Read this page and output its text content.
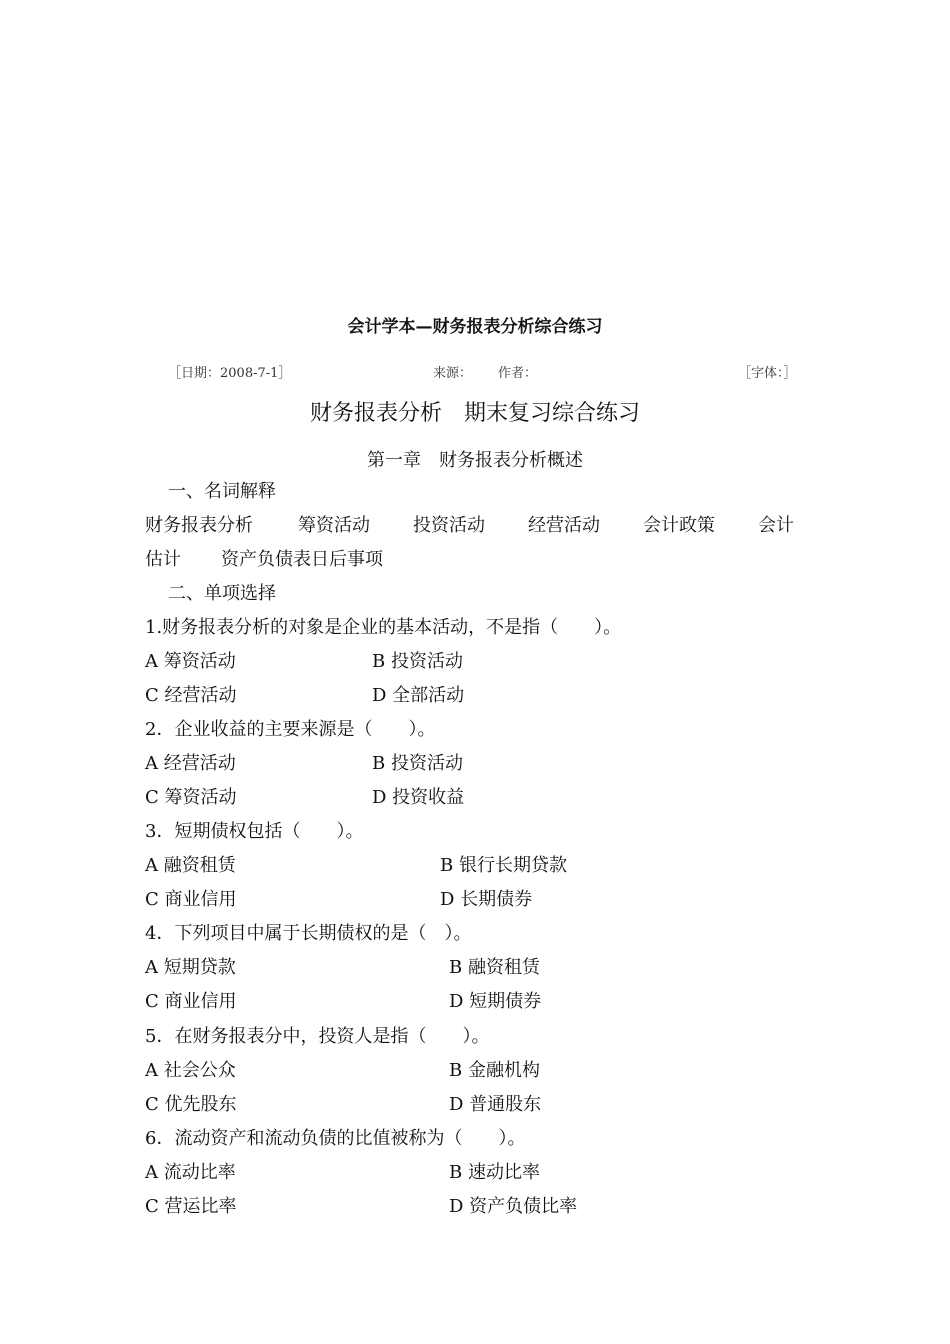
会计学本—财务报表分析综合练习
［日期：2008-7-1］	来源： 作者：	［字体：］
财务报表分析　期末复习综合练习
第一章　财务报表分析概述
一、名词解释
财务报表分析	筹资活动 投资活动 经营活动 会计政策 会计
估计 资产负债表日后事项
二、单项选择
1.财务报表分析的对象是企业的基本活动，不是指（　　）。
A 筹资活动	B 投资活动
C 经营活动	D 全部活动
2．企业收益的主要来源是（　　）。
A 经营活动	B 投资活动
C 筹资活动	D 投资收益
3．短期债权包括（　　）。
A 融资租赁	B 银行长期贷款
C 商业信用	D 长期债券
4．下列项目中属于长期债权的是（　）。
A 短期贷款	B 融资租赁
C 商业信用	D 短期债券
5．在财务报表分中，投资人是指（　　）。
A 社会公众	B 金融机构
C 优先股东	D 普通股东
6．流动资产和流动负债的比值被称为（　　）。
A 流动比率	B 速动比率
C 营运比率	D 资产负债比率
